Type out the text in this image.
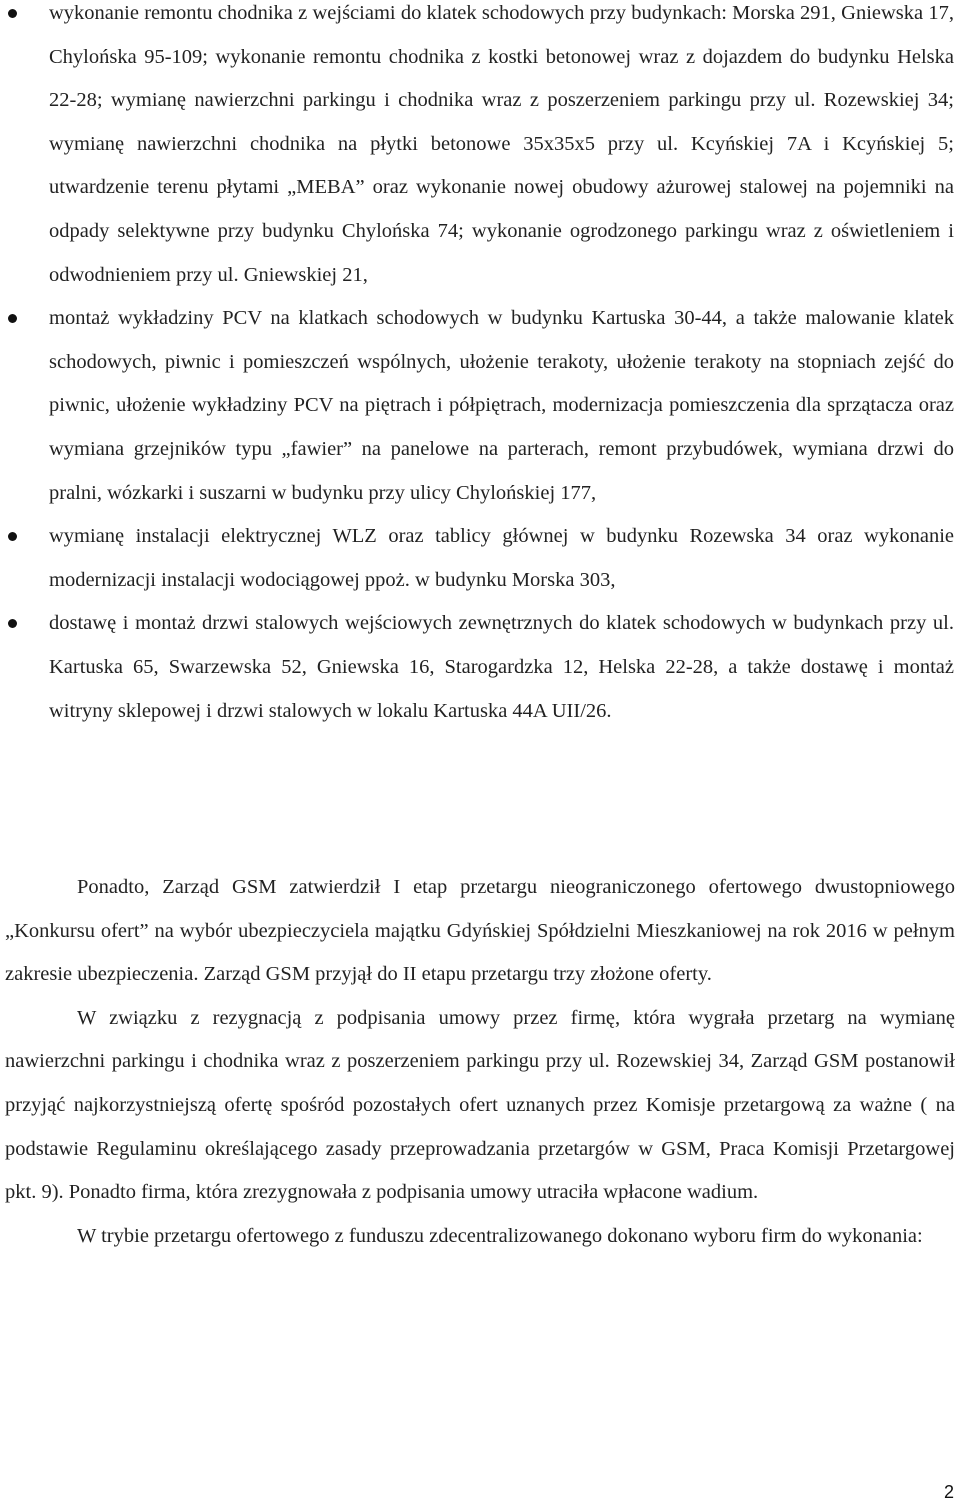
wykonanie remontu chodnika z wejściami do klatek schodowych przy budynkach: Morska 291, Gniewska 17, Chylońska 95-109; wykonanie remontu chodnika z kostki betonowej wraz z dojazdem do budynku Helska 22-28; wymianę nawierzchni parkingu i chodnika wraz z poszerzeniem parkingu przy ul. Rozewskiej 34; wymianę nawierzchni chodnika na płytki betonowe 35x35x5 przy ul. Kcyńskiej 7A i Kcyńskiej 5; utwardzenie terenu płytami „MEBA” oraz wykonanie nowej obudowy ażurowej stalowej na pojemniki na odpady selektywne przy budynku Chylońska 74; wykonanie ogrodzonego parkingu wraz z oświetleniem i odwodnieniem przy ul. Gniewskiej 21,
montaż wykładziny PCV na klatkach schodowych w budynku Kartuska 30-44, a także malowanie klatek schodowych, piwnic i pomieszczeń wspólnych, ułożenie terakoty, ułożenie terakoty na stopniach zejść do piwnic, ułożenie wykładziny PCV na piętrach i półpiętrach, modernizacja pomieszczenia dla sprzątacza oraz wymiana grzejników typu „fawier” na panelowe na parterach, remont przybudówek, wymiana drzwi do pralni, wózkarki i suszarni w budynku przy ulicy Chylońskiej 177,
wymianę instalacji elektrycznej WLZ oraz tablicy głównej w budynku Rozewska 34 oraz wykonanie modernizacji instalacji wodociągowej ppoż. w budynku Morska 303,
dostawę i montaż drzwi stalowych wejściowych zewnętrznych do klatek schodowych w budynkach przy ul. Kartuska 65, Swarzewska 52, Gniewska 16, Starogardzka 12, Helska 22-28, a także dostawę i montaż witryny sklepowej i drzwi stalowych w lokalu Kartuska 44A UII/26.

Ponadto, Zarząd GSM zatwierdził I etap przetargu nieograniczonego ofertowego dwustopniowego „Konkursu ofert” na wybór ubezpieczyciela majątku Gdyńskiej Spółdzielni Mieszkaniowej na rok 2016 w pełnym zakresie ubezpieczenia. Zarząd GSM przyjął do II etapu przetargu trzy złożone oferty.

W związku z rezygnacją z podpisania umowy przez firmę, która wygrała przetarg na wymianę nawierzchni parkingu i chodnika wraz z poszerzeniem parkingu przy ul. Rozewskiej 34, Zarząd GSM postanowił przyjąć najkorzystniejszą ofertę spośród pozostałych ofert uznanych przez Komisje przetargową za ważne ( na podstawie Regulaminu określającego zasady przeprowadzania przetargów w GSM, Praca Komisji Przetargowej pkt. 9). Ponadto firma, która zrezygnowała z podpisania umowy utraciła wpłacone wadium.

W trybie przetargu ofertowego z funduszu zdecentralizowanego dokonano wyboru firm do wykonania:

2
